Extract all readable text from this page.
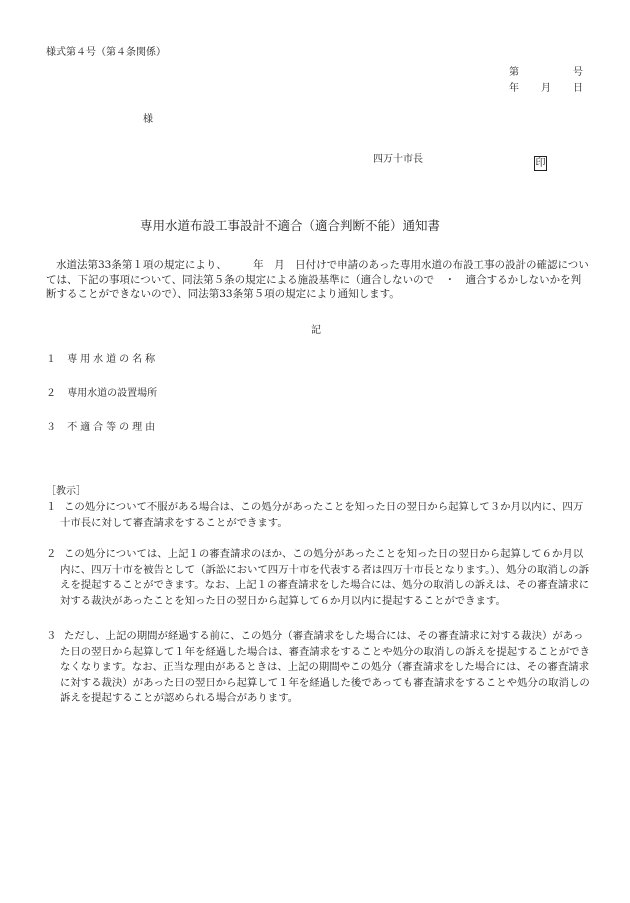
様式第４号（第４条関係）
第	号
年 月 日
様
四万十市長	印
専用水道布設工事設計不適合（適合判断不能）通知書
水道法第33条第１項の規定により、　　　年　月　日付けで申請のあった専用水道の布設工事の設計の確認については、下記の事項について、同法第５条の規定による施設基準に（適合しないので　・　適合するかしないかを判断することができないので）、同法第33条第５項の規定により通知します。
記
１ 専用水道の名称
２ 専用水道の設置場所
３ 不適合等の理由
［教示］
１ この処分について不服がある場合は、この処分があったことを知った日の翌日から起算して３か月以内に、四万十市長に対して審査請求をすることができます。
２ この処分については、上記１の審査請求のほか、この処分があったことを知った日の翌日から起算して６か月以内に、四万十市を被告として（訴訟において四万十市を代表する者は四万十市長となります。）、処分の取消しの訴えを提起することができます。なお、上記１の審査請求をした場合には、処分の取消しの訴えは、その審査請求に対する裁決があったことを知った日の翌日から起算して６か月以内に提起することができます。
３ ただし、上記の期間が経過する前に、この処分（審査請求をした場合には、その審査請求に対する裁決）があった日の翌日から起算して１年を経過した場合は、審査請求をすることや処分の取消しの訴えを提起することができなくなります。なお、正当な理由があるときは、上記の期間やこの処分（審査請求をした場合には、その審査請求に対する裁決）があった日の翌日から起算して１年を経過した後であっても審査請求をすることや処分の取消しの訴えを提起することが認められる場合があります。
